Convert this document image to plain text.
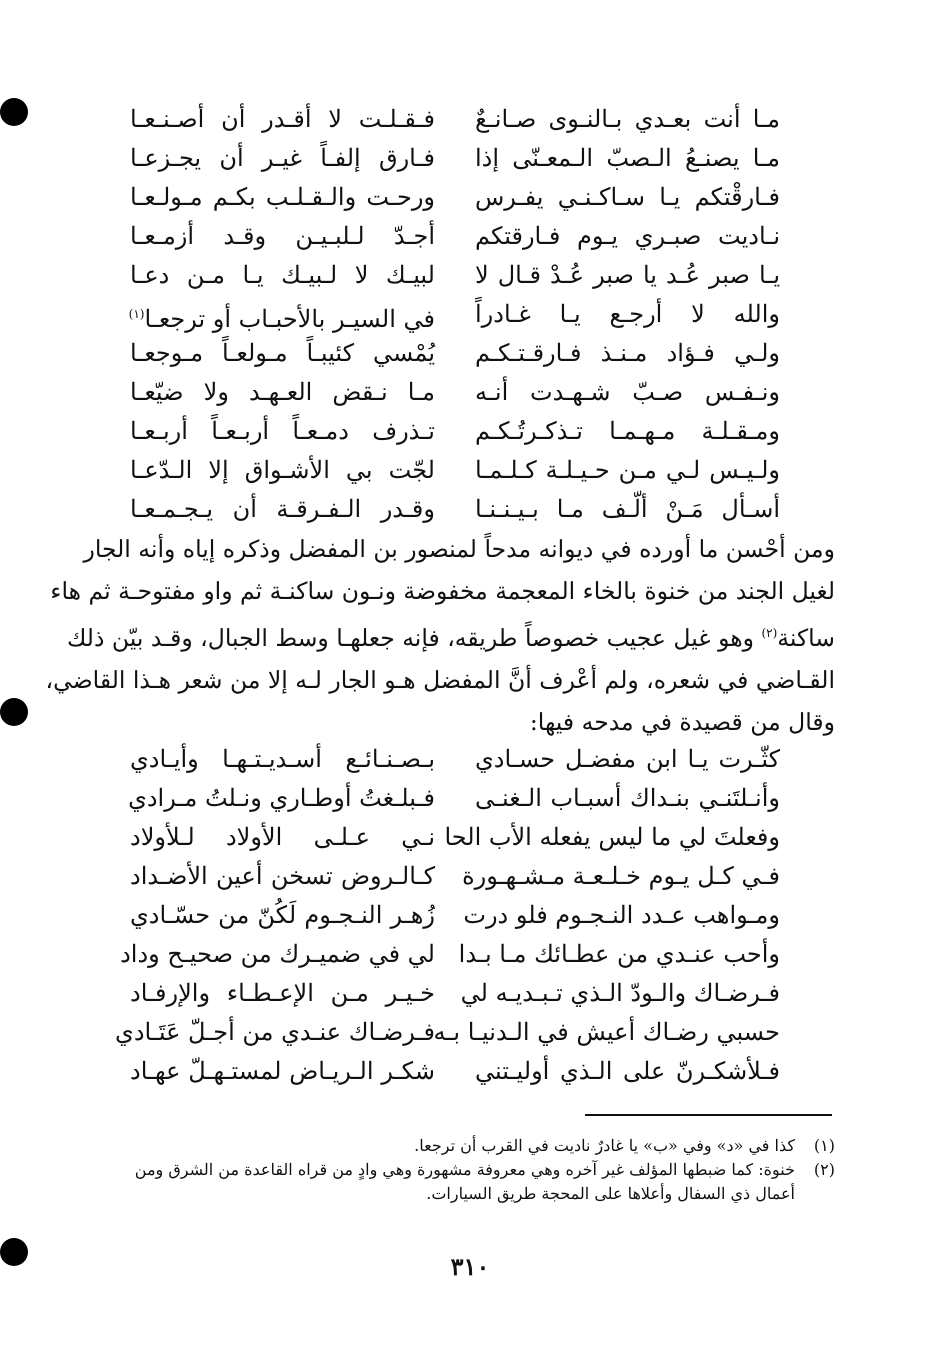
مـا أنت بعـدي بـالنـوى صـانـعٌ
فـقـلـت لا أقـدر أن أصـنـعـا
مـا يصنـعُ الـصبّ الـمعـنّى إذا
فـارق إلفـاً غيـر أن يجـزعـا
فـارقْتكم يـا سـاكـنـي يفـرس
ورحـت والـقـلـب بكـم مـولـعـا
نـاديت صبـري يـوم فـارقتكم
أجـدّ لـلبـيـن وقـد أزمـعـا
يـا صبر عُـد يا صبر عُـدْ قـال لا
لبيـك لا لـبيـك يـا مـن دعـا
والله لا أرجـع يـا غـادراً
في السيـر بالأحبـاب أو ترجعـا$^{(١)}$
ولـي فـؤاد مـنـذ فـارقـتـكـم
يُمْسي كئيبـاً مـولعـاً مـوجعـا
ونـفـس صـبّ شـهـدت أنـه
مـا نـقض العـهـد ولا ضيّعـا
ومـقـلـة مـهـمـا تـذكـرتُـكـم
تـذرف دمـعـاً أربـعـاً أربـعـا
ولـيـس لـي مـن حـيـلـة كـلـمـا
لجّت بي الأشـواق إلا الـدّعـا
أسـأل مَـنْ ألّـف مـا بـيـنـنـا
وقـدر الـفـرقـة أن يـجـمـعـا
ومن أحْسن ما أورده في ديوانه مدحاً لمنصور بن المفضل وذكره إياه وأنه الجار
لغيل الجند من خنوة بالخاء المعجمة مخفوضة ونـون ساكنـة ثم واو مفتوحـة ثم هاء
ساكنة$^{(٢)}$ وهو غيل عجيب خصوصاً طريقه، فإنه جعلهـا وسط الجبال، وقـد بيّن ذلك
القـاضي في شعره، ولم أعْرف أنَّ المفضل هـو الجار لـه إلا من شعر هـذا القاضي،
وقال من قصيدة في مدحه فيها:
كثّـرت يـا ابن مفضـل حسـادي
بـصـنـائـع أسـديـتـهـا وأيـادي
وأنـلتَنـي بنـداك أسبـاب الـغنـى
فـبلـغتُ أوطـاري ونـلتُ مـرادي
وفعلتَ لي ما ليس يفعله الأب الحا
نـي عـلـى الأولاد لـلأولاد
فـي كـل يـوم خـلـعـة مـشـهـورة
كـالـروض تسخن أعين الأضـداد
ومـواهب عـدد النـجـوم فلو درت
زُهـر النـجـوم لَكُنّ من حسّـادي
وأحب عنـدي من عطـائك مـا بـدا
لي في ضميـرك من صحيـح وداد
فـرضـاك والـودّ الـذي تـبـديـه لي
خـيـر مـن الإعـطـاء والإرفـاد
حسبي رضـاك أعيش في الـدنيـا بـه
فـرضـاك عنـدي من أجـلّ عَتَـادي
فـلأشكـرنّ على الـذي أوليـتني
شكـر الـريـاض لمستـهـلّ عهـاد
(١)كذا في «د» وفي «ب» يا غادرٌ ناديت في القرب أن ترجعا.
(٢)خنوة: كما ضبطها المؤلف غير آخره وهي معروفة مشهورة وهي وادٍ من قراه القاعدة من الشرق ومن
أعمال ذي السفال وأعلاها على المحجة طريق السيارات.
٣١٠
